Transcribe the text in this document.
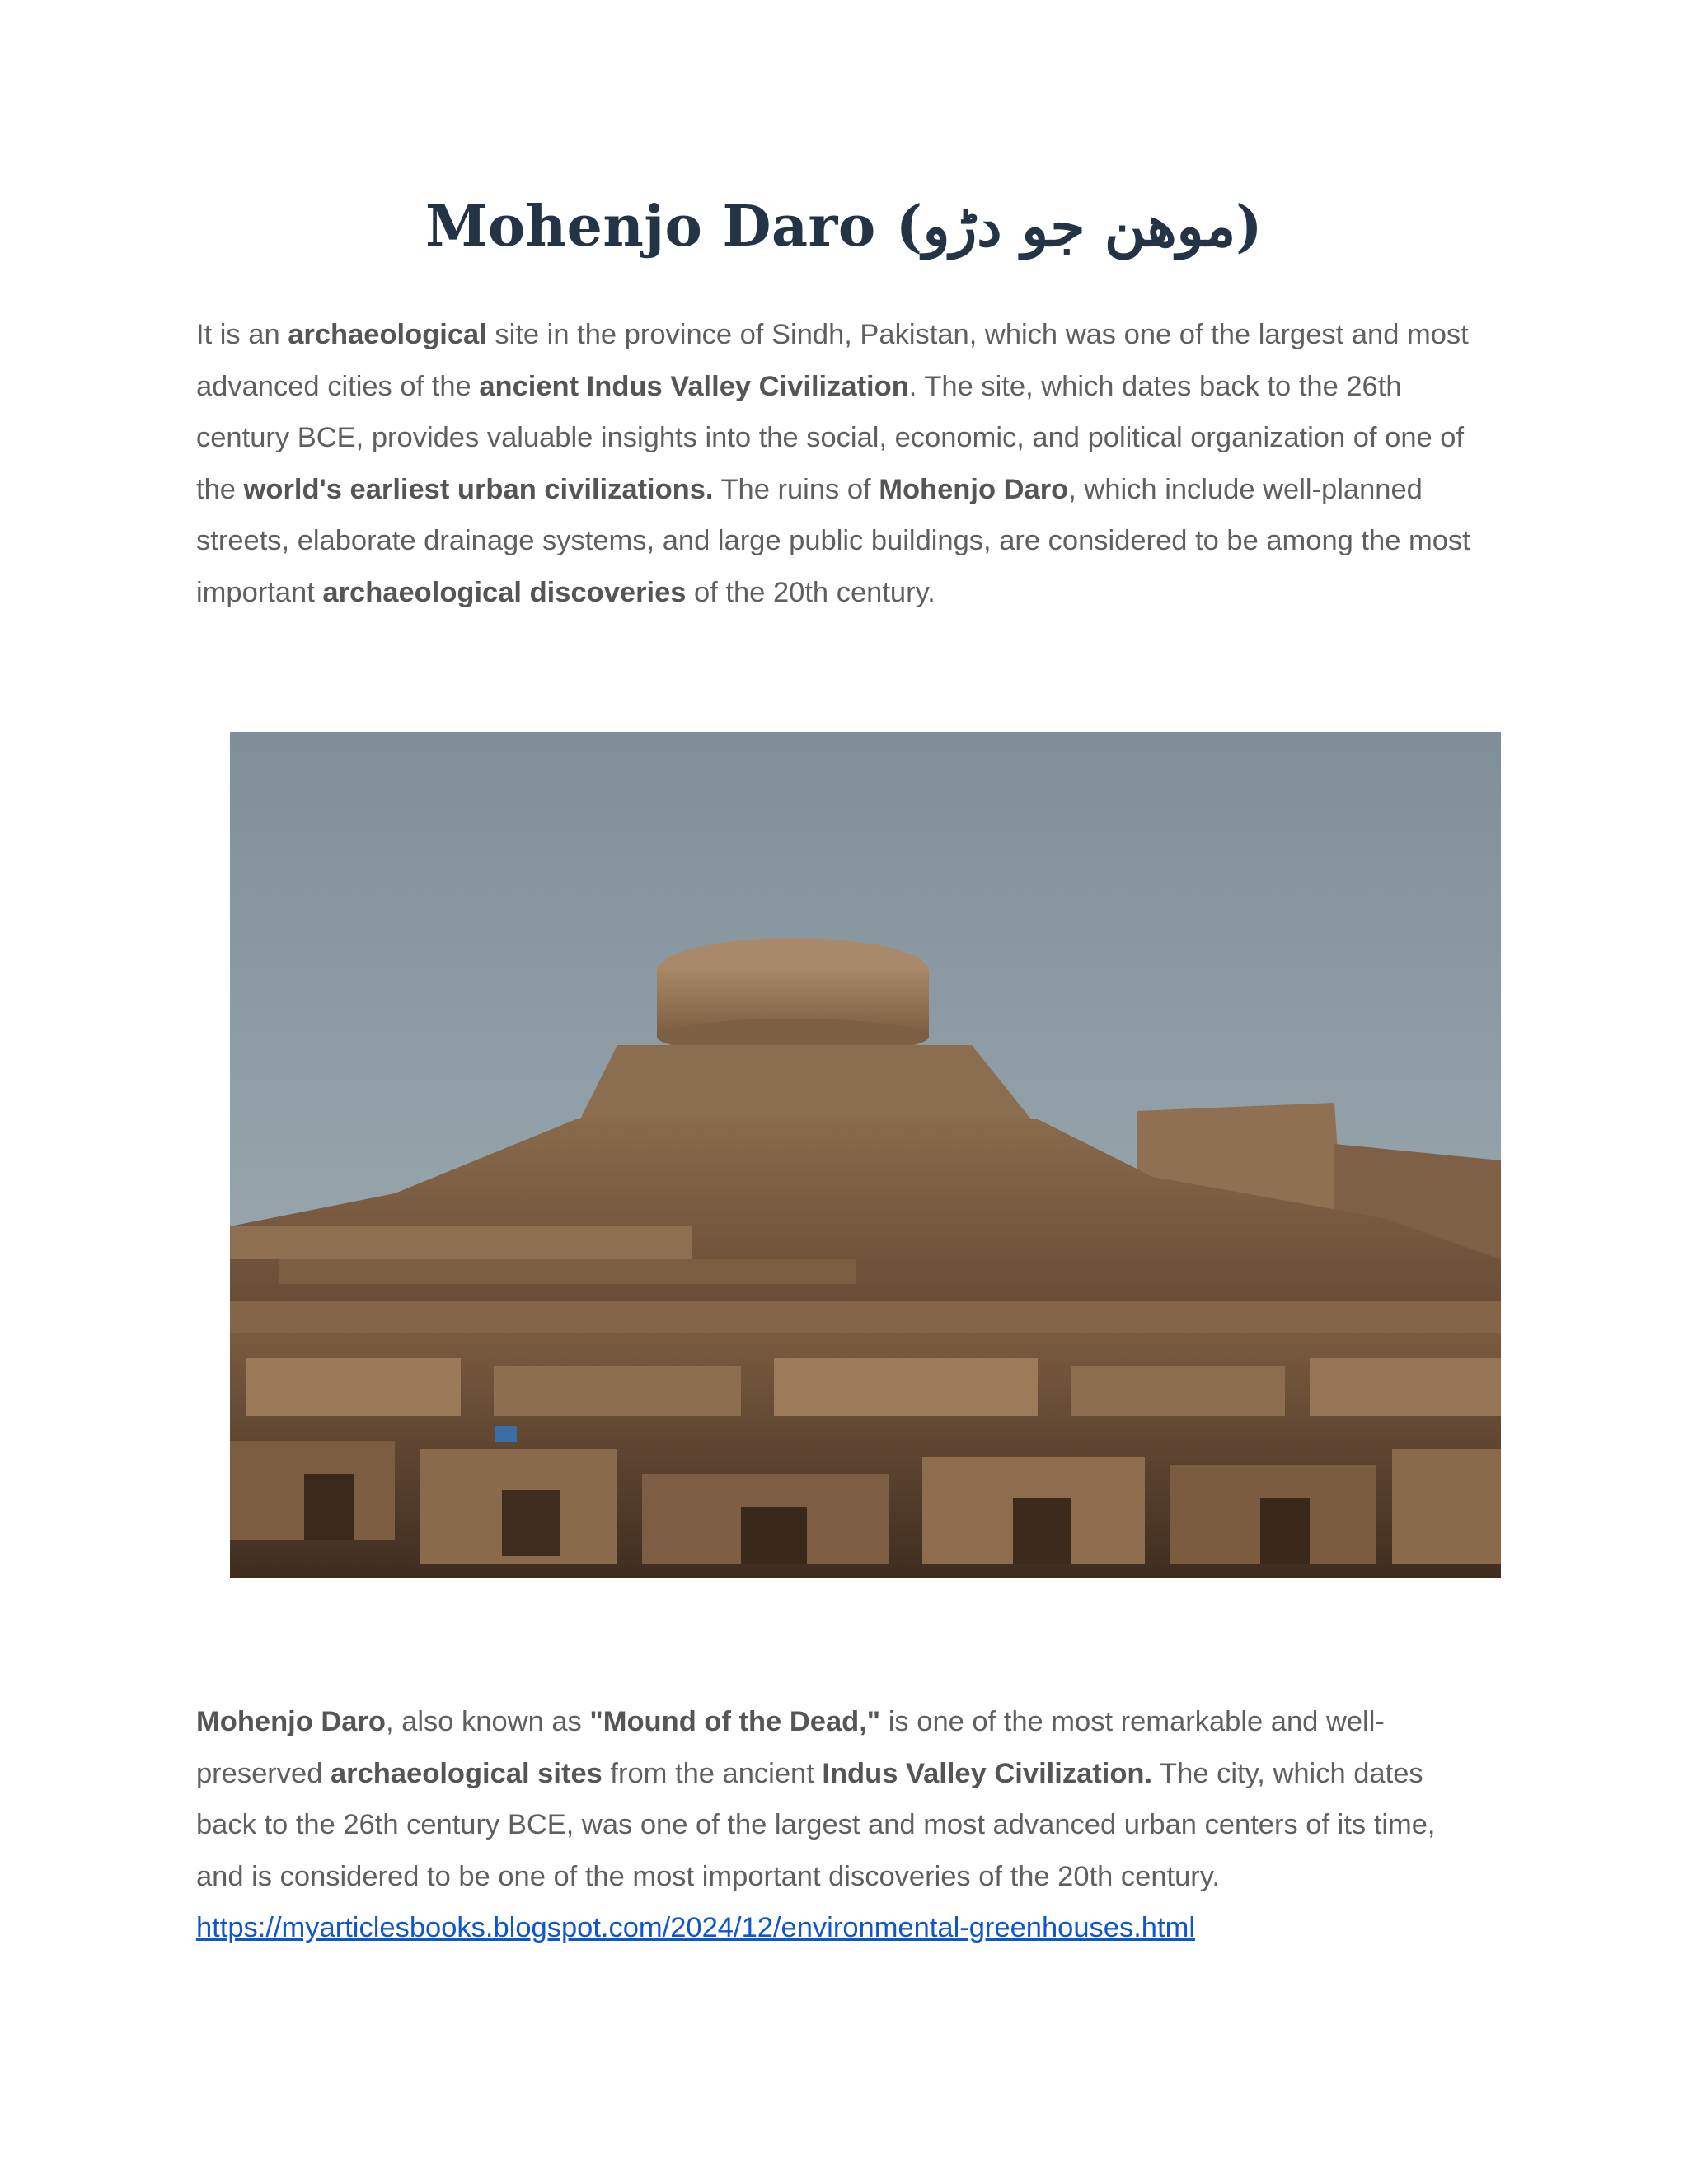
Mohenjo Daro (موھن جو دڑو)

It is an archaeological site in the province of Sindh, Pakistan, which was one of the largest and most advanced cities of the ancient Indus Valley Civilization. The site, which dates back to the 26th century BCE, provides valuable insights into the social, economic, and political organization of one of the world's earliest urban civilizations. The ruins of Mohenjo Daro, which include well-planned streets, elaborate drainage systems, and large public buildings, are considered to be among the most important archaeological discoveries of the 20th century.

Mohenjo Daro, also known as "Mound of the Dead," is one of the most remarkable and well-preserved archaeological sites from the ancient Indus Valley Civilization. The city, which dates back to the 26th century BCE, was one of the largest and most advanced urban centers of its time, and is considered to be one of the most important discoveries of the 20th century.
https://myarticlesbooks.blogspot.com/2024/12/environmental-greenhouses.html
